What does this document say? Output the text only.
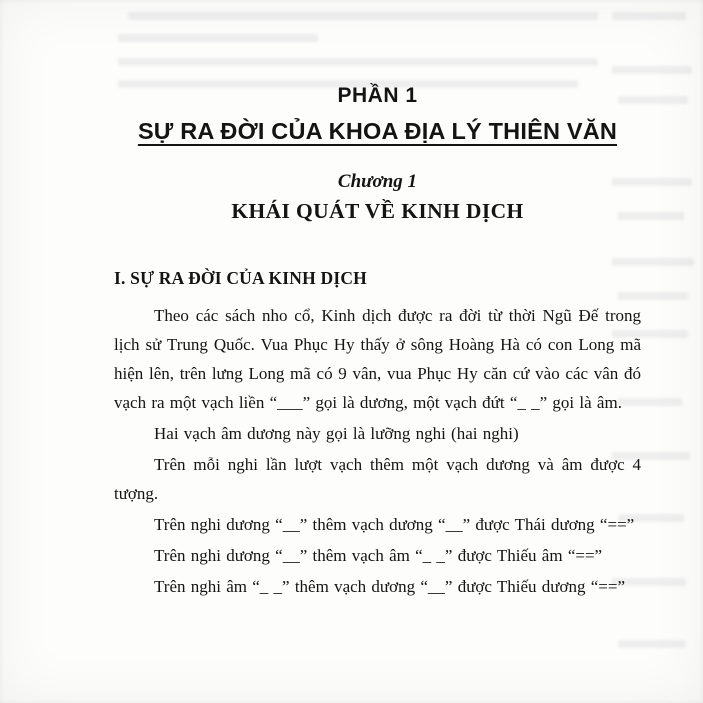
PHẦN 1
SỰ RA ĐỜI CỦA KHOA ĐỊA LÝ THIÊN VĂN
Chương 1
KHÁI QUÁT VỀ KINH DỊCH
I. SỰ RA ĐỜI CỦA KINH DỊCH

Theo các sách nho cổ, Kinh dịch được ra đời từ thời Ngũ Đế trong lịch sử Trung Quốc. Vua Phục Hy thấy ở sông Hoàng Hà có con Long mã hiện lên, trên lưng Long mã có 9 vân, vua Phục Hy căn cứ vào các vân đó vạch ra một vạch liền “___” gọi là dương, một vạch đứt “_ _” gọi là âm.

Hai vạch âm dương này gọi là lưỡng nghi (hai nghi)

Trên mỗi nghi lần lượt vạch thêm một vạch dương và âm được 4 tượng.

Trên nghi dương “__” thêm vạch dương “__” được Thái dương “==”

Trên nghi dương “__” thêm vạch âm “_ _” được Thiếu âm “==”

Trên nghi âm “_ _” thêm vạch dương “__” được Thiếu dương “==”
